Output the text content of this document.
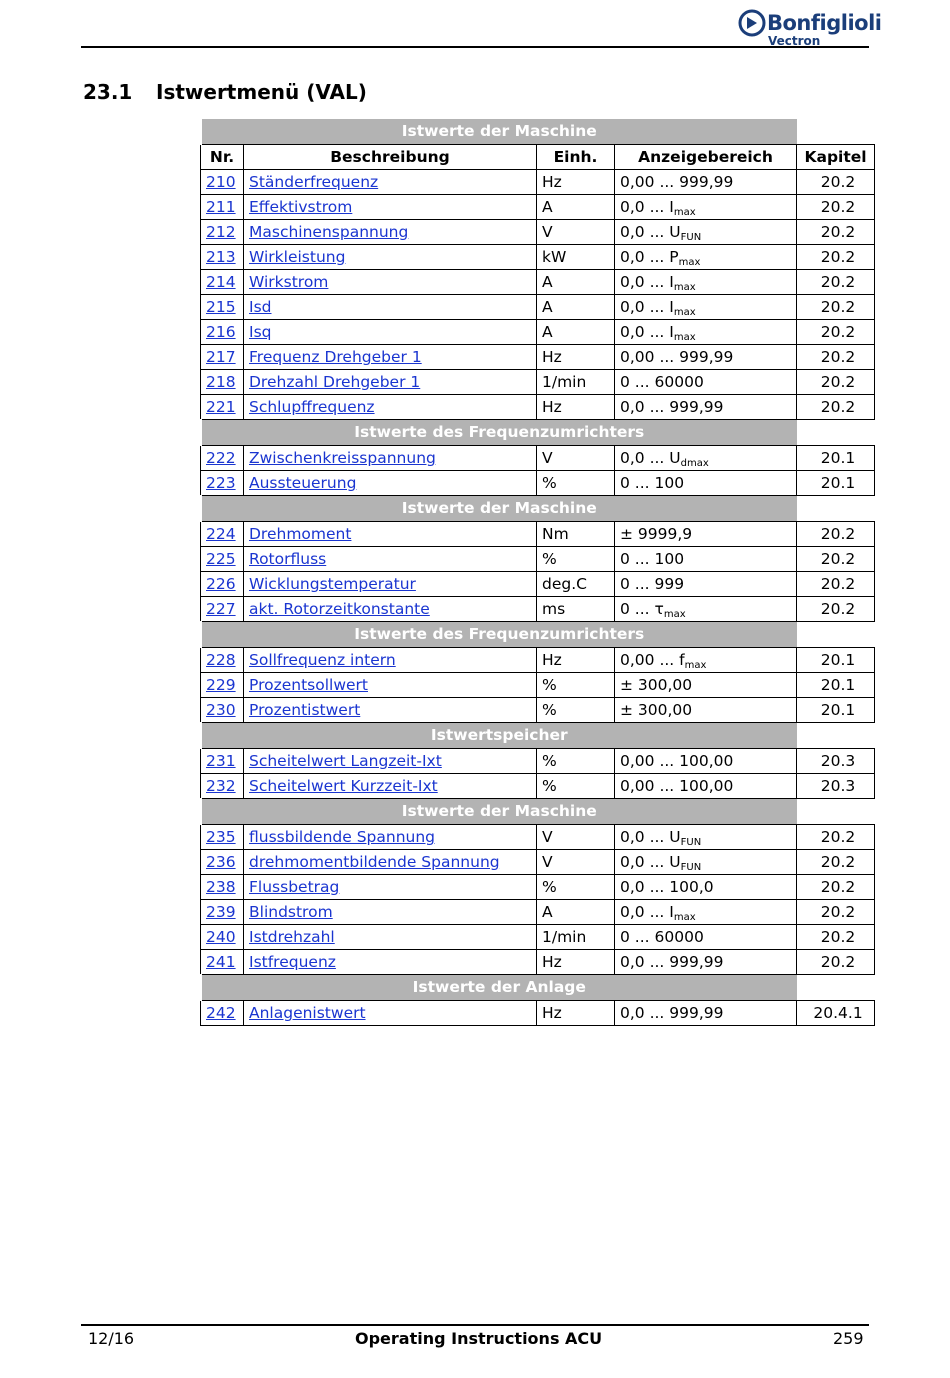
Bonfiglioli
Vectron
23.1 Istwertmenü (VAL)
Istwerte der Maschine				
Nr.	Beschreibung	Einh.	Anzeigebereich	Kapitel
210	Ständerfrequenz	Hz	0,00 ... 999,99	20.2
211	Effektivstrom	A	0,0 ... $I_{max}$	20.2
212	Maschinenspannung	V	0,0 ... $U_{FUN}$	20.2
213	Wirkleistung	kW	0,0 ... $P_{max}$	20.2
214	Wirkstrom	A	0,0 ... $I_{max}$	20.2
215	Isd	A	0,0 ... $I_{max}$	20.2
216	Isq	A	0,0 ... $I_{max}$	20.2
217	Frequenz Drehgeber 1	Hz	0,00 ... 999,99	20.2
218	Drehzahl Drehgeber 1	1/min	0 ... 60000	20.2
221	Schlupffrequenz	Hz	0,0 ... 999,99	20.2
Istwerte des Frequenzumrichters				
222	Zwischenkreisspannung	V	0,0 ... $U_{dmax}$	20.1
223	Aussteuerung	%	0 ... 100	20.1
Istwerte der Maschine				
224	Drehmoment	Nm	± 9999,9	20.2
225	Rotorfluss	%	0 ... 100	20.2
226	Wicklungstemperatur	deg.C	0 ... 999	20.2
227	akt. Rotorzeitkonstante	ms	0 ... $\tau_{max}$	20.2
Istwerte des Frequenzumrichters				
228	Sollfrequenz intern	Hz	0,00 ... $f_{max}$	20.1
229	Prozentsollwert	%	± 300,00	20.1
230	Prozentistwert	%	± 300,00	20.1
Istwertspeicher				
231	Scheitelwert Langzeit-Ixt	%	0,00 ... 100,00	20.3
232	Scheitelwert Kurzzeit-Ixt	%	0,00 ... 100,00	20.3
Istwerte der Maschine				
235	flussbildende Spannung	V	0,0 ... $U_{FUN}$	20.2
236	drehmomentbildende Spannung	V	0,0 ... $U_{FUN}$	20.2
238	Flussbetrag	%	0,0 ... 100,0	20.2
239	Blindstrom	A	0,0 ... $I_{max}$	20.2
240	Istdrehzahl	1/min	0 ... 60000	20.2
241	Istfrequenz	Hz	0,0 ... 999,99	20.2
Istwerte der Anlage				
242	Anlagenistwert	Hz	0,0 ... 999,99	20.4.1
12/16	Operating Instructions ACU	259
